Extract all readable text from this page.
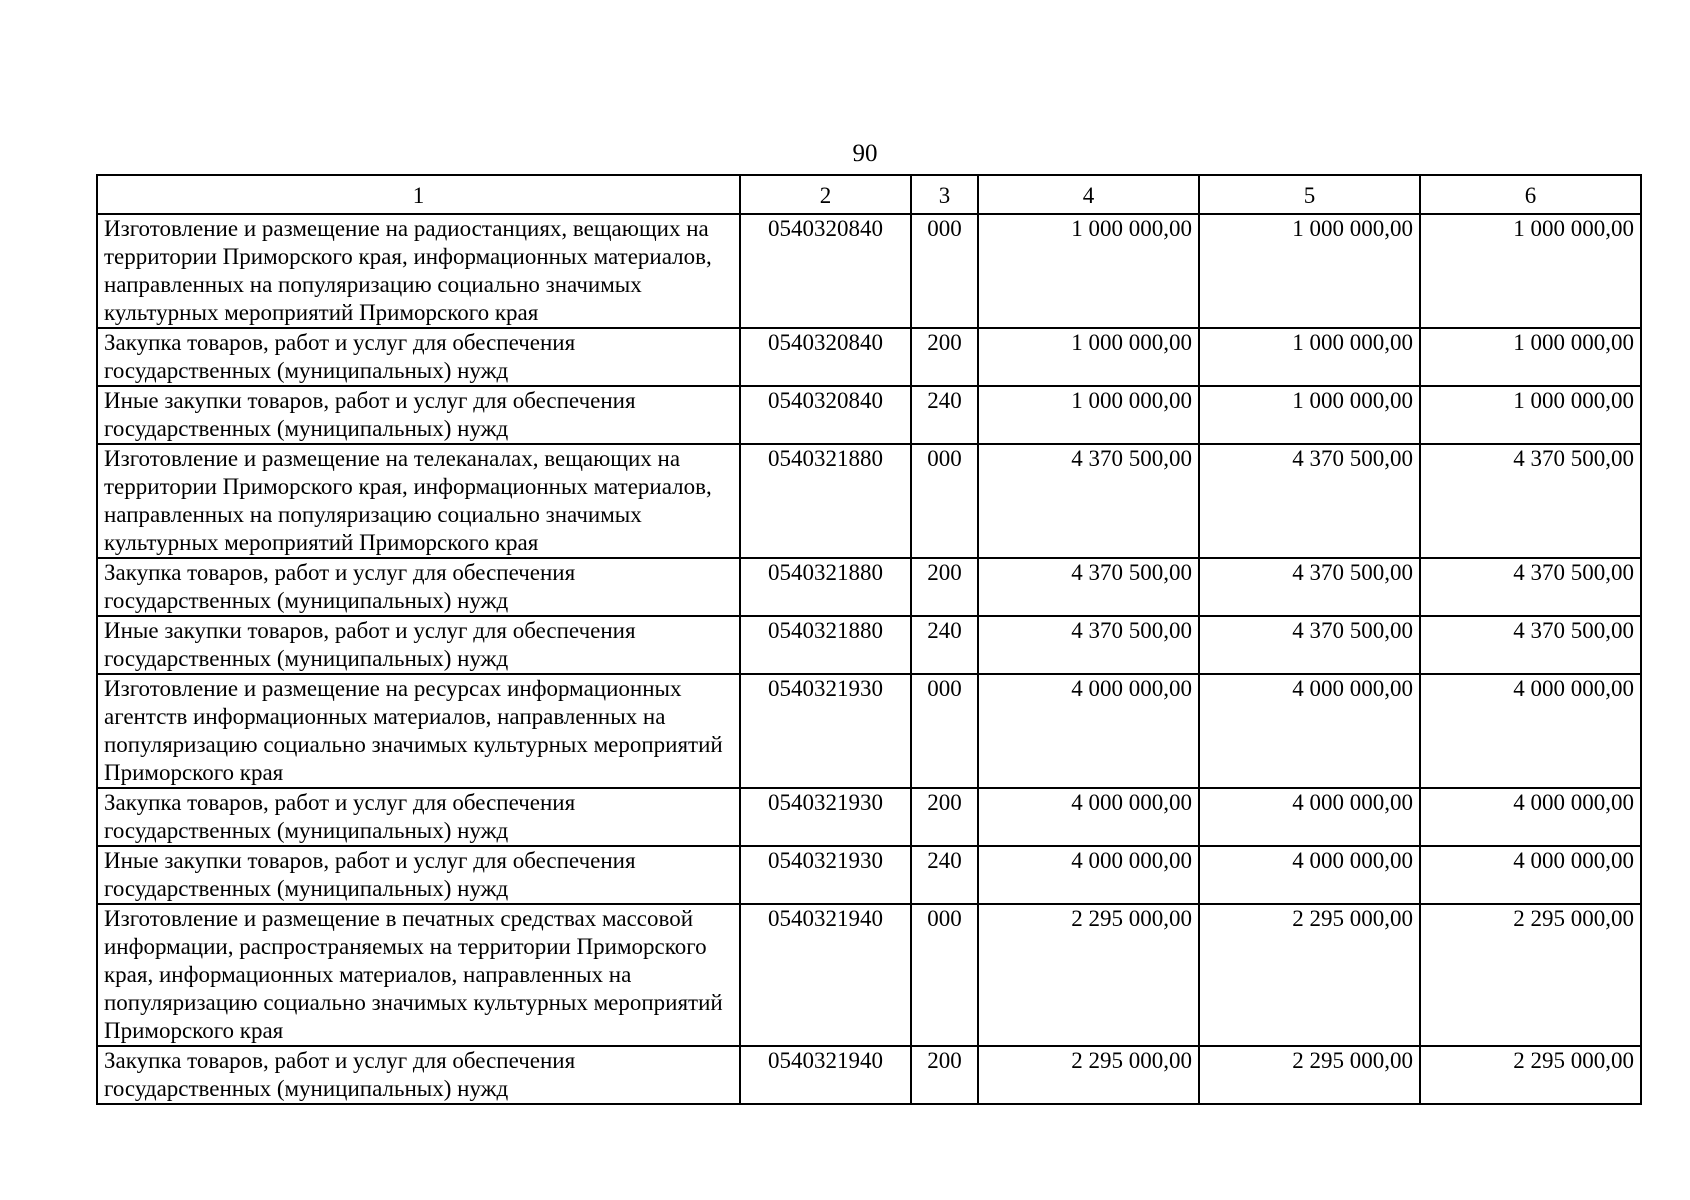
90
1	2	3	4	5	6
Изготовление и размещение на радиостанциях, вещающих на территории Приморского края, информационных материалов, направленных на популяризацию социально значимых культурных мероприятий Приморского края	0540320840	000	1 000 000,00	1 000 000,00	1 000 000,00
Закупка товаров, работ и услуг для обеспечения государственных (муниципальных) нужд	0540320840	200	1 000 000,00	1 000 000,00	1 000 000,00
Иные закупки товаров, работ и услуг для обеспечения государственных (муниципальных) нужд	0540320840	240	1 000 000,00	1 000 000,00	1 000 000,00
Изготовление и размещение на телеканалах, вещающих на территории Приморского края, информационных материалов, направленных на популяризацию социально значимых культурных мероприятий Приморского края	0540321880	000	4 370 500,00	4 370 500,00	4 370 500,00
Закупка товаров, работ и услуг для обеспечения государственных (муниципальных) нужд	0540321880	200	4 370 500,00	4 370 500,00	4 370 500,00
Иные закупки товаров, работ и услуг для обеспечения государственных (муниципальных) нужд	0540321880	240	4 370 500,00	4 370 500,00	4 370 500,00
Изготовление и размещение на ресурсах информационных агентств информационных материалов, направленных на популяризацию социально значимых культурных мероприятий Приморского края	0540321930	000	4 000 000,00	4 000 000,00	4 000 000,00
Закупка товаров, работ и услуг для обеспечения государственных (муниципальных) нужд	0540321930	200	4 000 000,00	4 000 000,00	4 000 000,00
Иные закупки товаров, работ и услуг для обеспечения государственных (муниципальных) нужд	0540321930	240	4 000 000,00	4 000 000,00	4 000 000,00
Изготовление и размещение в печатных средствах массовой информации, распространяемых на территории Приморского края, информационных материалов, направленных на популяризацию социально значимых культурных мероприятий Приморского края	0540321940	000	2 295 000,00	2 295 000,00	2 295 000,00
Закупка товаров, работ и услуг для обеспечения государственных (муниципальных) нужд	0540321940	200	2 295 000,00	2 295 000,00	2 295 000,00
